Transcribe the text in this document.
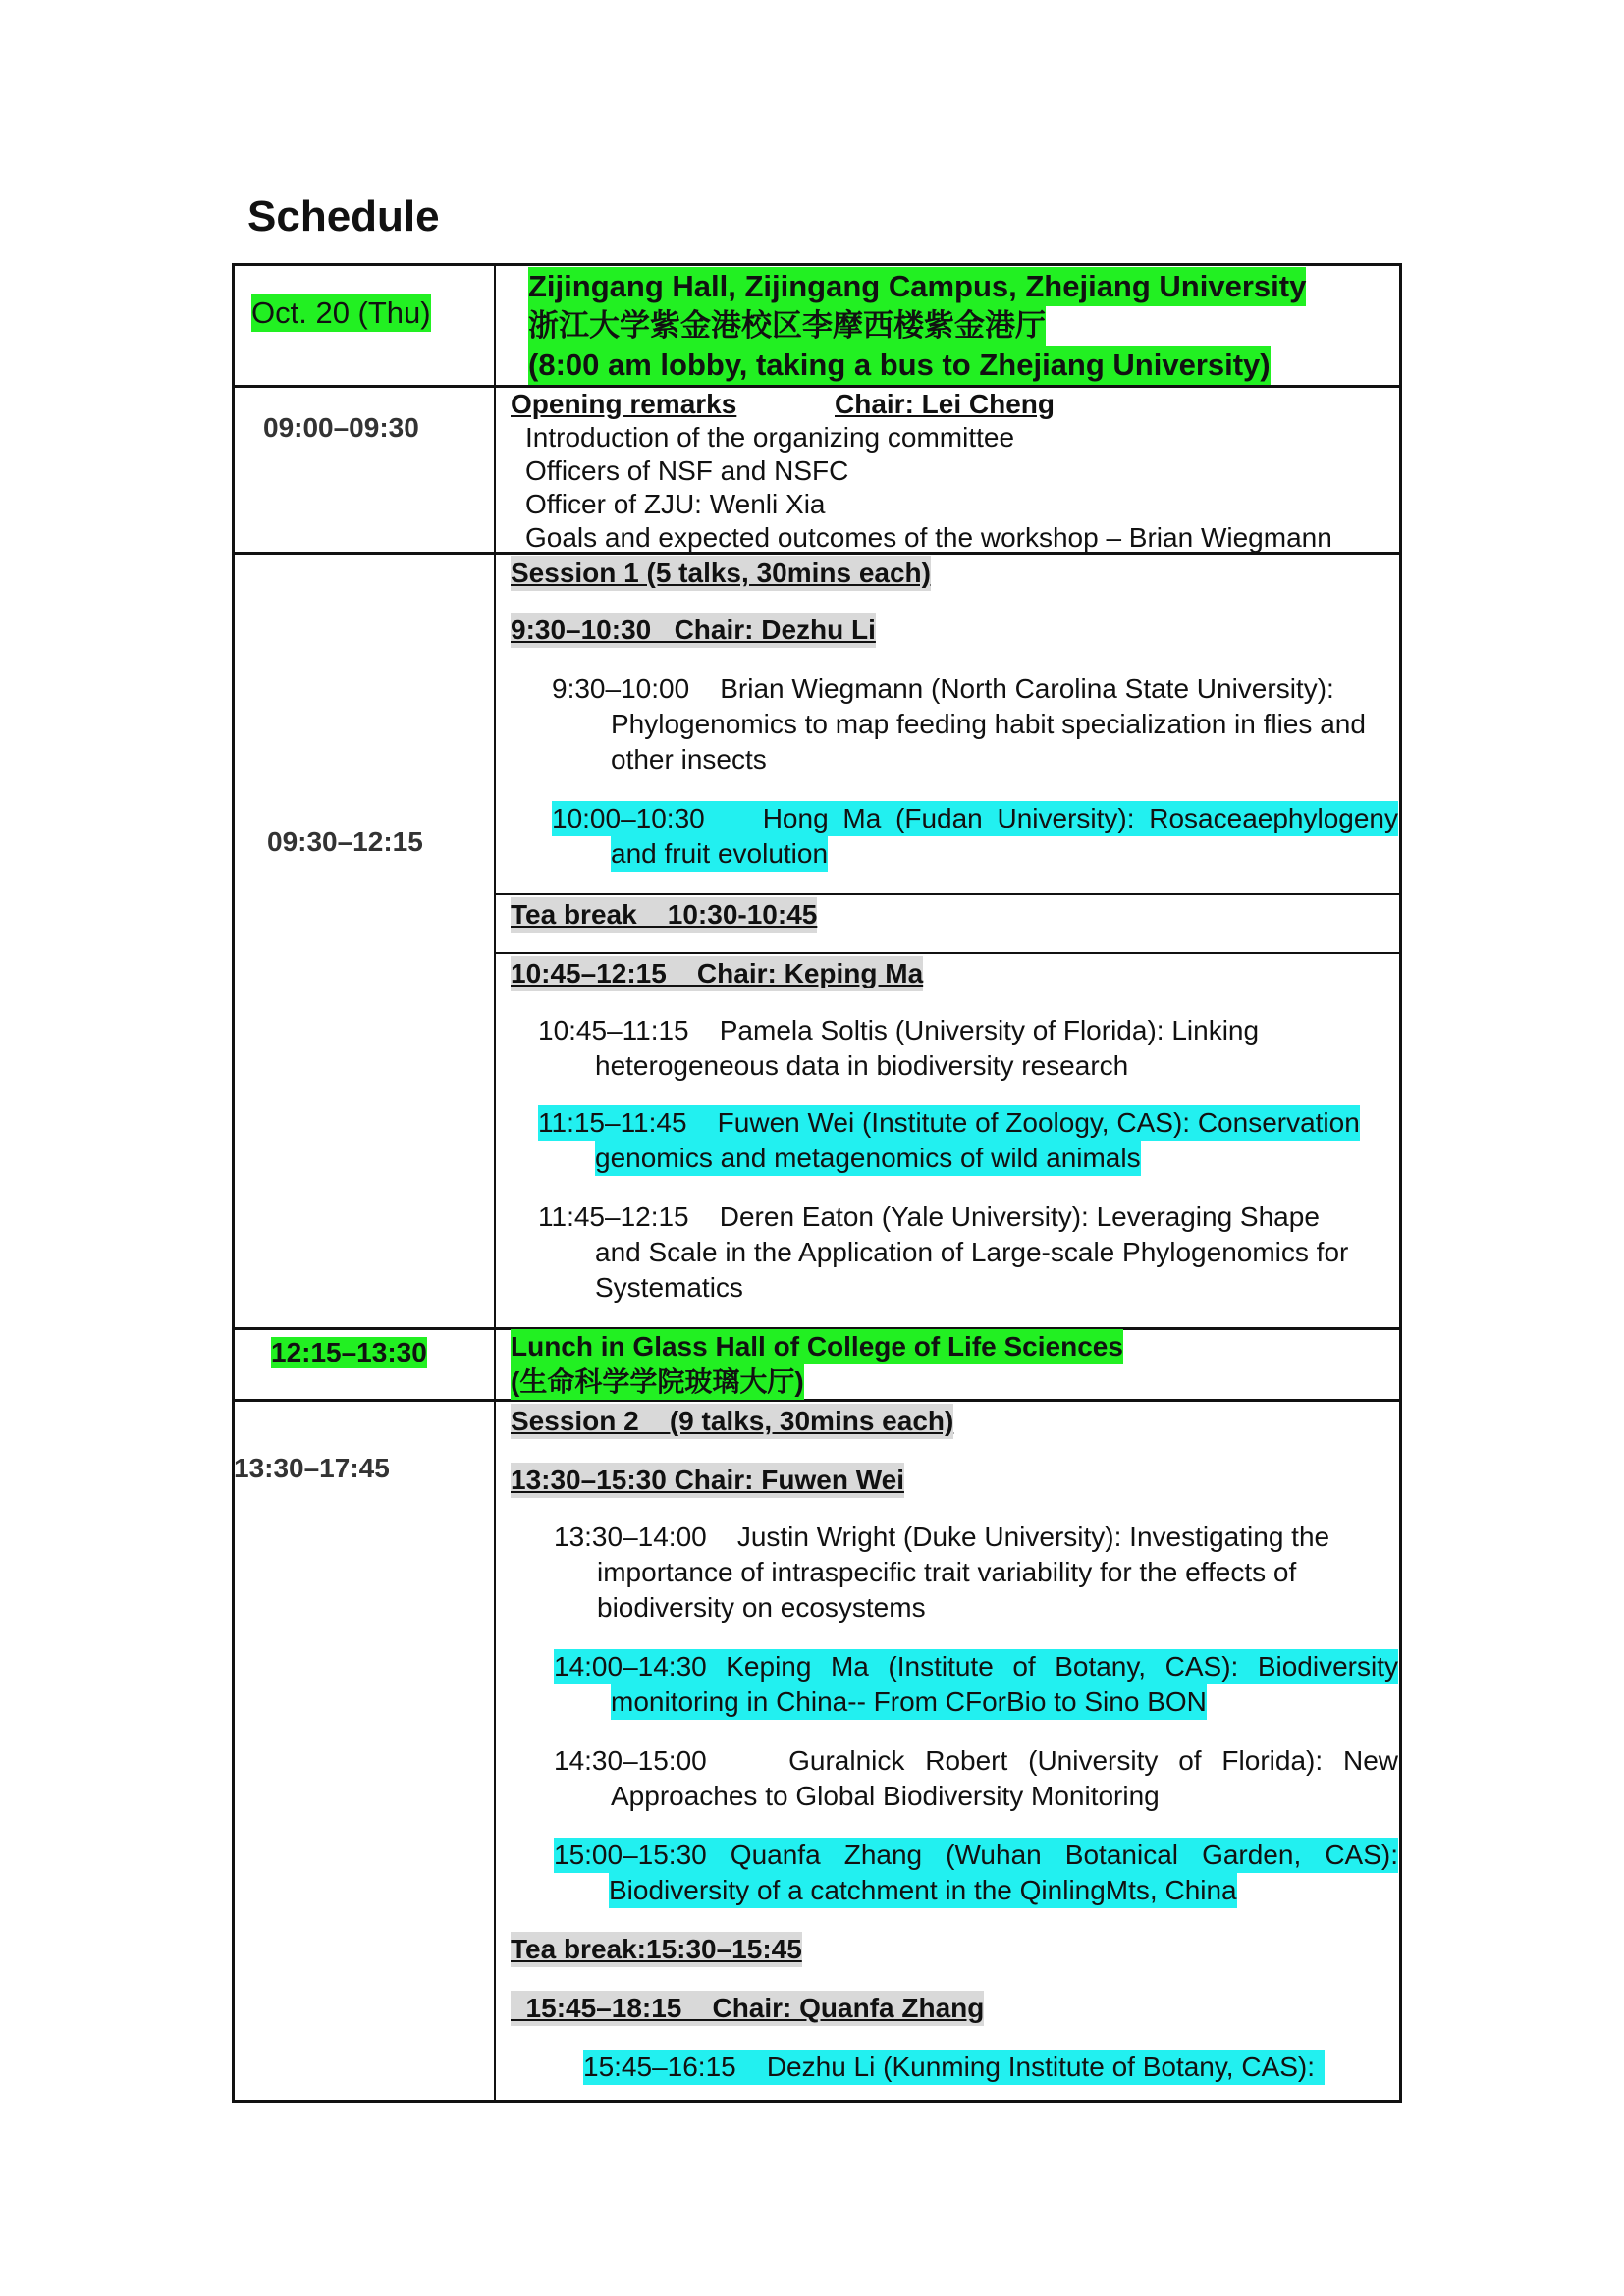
Schedule
Oct. 20 (Thu)
Zijingang Hall, Zijingang Campus, Zhejiang University
浙江大学紫金港校区李摩西楼紫金港厅
(8:00 am lobby, taking a bus to Zhejiang University)
09:00–09:30
Opening remarks	Chair: Lei Cheng
Introduction of the organizing committee
Officers of NSF and NSFC
Officer of ZJU: Wenli Xia
Goals and expected outcomes of the workshop – Brian Wiegmann
09:30–12:15
Session 1 (5 talks, 30mins each)
9:30–10:30   Chair: Dezhu Li
9:30–10:00    Brian Wiegmann (North Carolina State University):
Phylogenomics to map feeding habit specialization in flies and
other insects
10:00–10:30    Hong Ma (Fudan University): Rosaceaephylogeny
and fruit evolution
Tea break    10:30-10:45
10:45–12:15    Chair: Keping Ma
10:45–11:15    Pamela Soltis (University of Florida): Linking
heterogeneous data in biodiversity research
11:15–11:45    Fuwen Wei (Institute of Zoology, CAS): Conservation
genomics and metagenomics of wild animals
11:45–12:15    Deren Eaton (Yale University): Leveraging Shape
and Scale in the Application of Large-scale Phylogenomics for
Systematics
12:15–13:30	Lunch in Glass Hall of College of Life Sciences
(生命科学学院玻璃大厅)
13:30–17:45
Session 2    (9 talks, 30mins each)
13:30–15:30 Chair: Fuwen Wei
13:30–14:00    Justin Wright (Duke University): Investigating the
importance of intraspecific trait variability for the effects of
biodiversity on ecosystems
14:00–14:30 Keping Ma (Institute of Botany, CAS): Biodiversity
monitoring in China-- From CForBio to Sino BON
14:30–15:00    Guralnick Robert (University of Florida): New
Approaches to Global Biodiversity Monitoring
15:00–15:30 Quanfa Zhang (Wuhan Botanical Garden, CAS):
Biodiversity of a catchment in the QinlingMts, China
Tea break:15:30–15:45
15:45–18:15    Chair: Quanfa Zhang
15:45–16:15    Dezhu Li (Kunming Institute of Botany, CAS):
